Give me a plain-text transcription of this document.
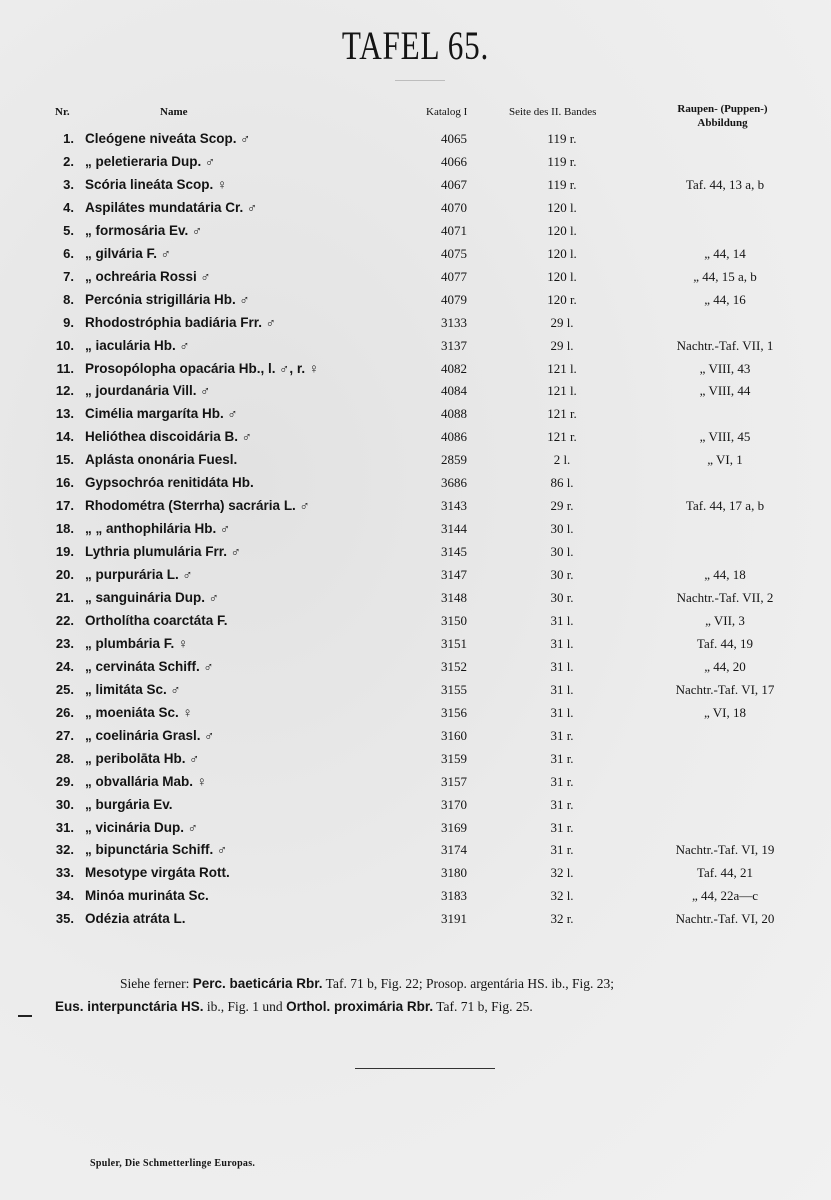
TAFEL 65.
Nr.	Name	Katalog I	Seite des II. Bandes	Raupen- (Puppen-) Abbildung
1. Cleógene niveáta Scop. ♂	4065	119 r.
2. „ peletieraria Dup. ♂	4066	119 r.
3. Scória lineáta Scop. ♀	4067	119 r.	Taf. 44, 13 a, b
4. Aspilátes mundatária Cr. ♂	4070	120 l.
5. „ formosária Ev. ♂	4071	120 l.
6. „ gilvária F. ♂	4075	120 l.	„ 44, 14
7. „ ochreária Rossi ♂	4077	120 l.	„ 44, 15 a, b
8. Percónia strigillária Hb. ♂	4079	120 r.	„ 44, 16
9. Rhodostróphia badiária Frr. ♂	3133	29 l.
10. „ iaculária Hb. ♂	3137	29 l.	Nachtr.-Taf. VII, 1
11. Prosopólopha opacária Hb., l. ♂, r. ♀	4082	121 l.	„ VIII, 43
12. „ jourdanária Vill. ♂	4084	121 l.	„ VIII, 44
13. Cimélia margaríta Hb. ♂	4088	121 r.
14. Helióthea discoidária B. ♂	4086	121 r.	„ VIII, 45
15. Aplásta ononária Fuesl.	2859	2 l.	„ VI, 1
16. Gypsochróa renitidáta Hb.	3686	86 l.
17. Rhodométra (Sterrha) sacrária L. ♂	3143	29 r.	Taf. 44, 17 a, b
18. „ „ anthophilária Hb. ♂	3144	30 l.
19. Lythria plumulária Frr. ♂	3145	30 l.
20. „ purpurária L. ♂	3147	30 r.	„ 44, 18
21. „ sanguinária Dup. ♂	3148	30 r.	Nachtr.-Taf. VII, 2
22. Ortholítha coarctáta F.	3150	31 l.	„ VII, 3
23. „ plumbária F. ♀	3151	31 l.	Taf. 44, 19
24. „ cervináta Schiff. ♂	3152	31 l.	„ 44, 20
25. „ limitáta Sc. ♂	3155	31 l.	Nachtr.-Taf. VI, 17
26. „ moeniáta Sc. ♀	3156	31 l.	„ VI, 18
27. „ coelinária Grasl. ♂	3160	31 r.
28. „ peribolāta Hb. ♂	3159	31 r.
29. „ obvallária Mab. ♀	3157	31 r.
30. „ burgária Ev.	3170	31 r.
31. „ vicinária Dup. ♂	3169	31 r.
32. „ bipunctária Schiff. ♂	3174	31 r.	Nachtr.-Taf. VI, 19
33. Mesotype virgáta Rott.	3180	32 l.	Taf. 44, 21
34. Minóa murináta Sc.	3183	32 l.	„ 44, 22a—c
35. Odézia atráta L.	3191	32 r.	Nachtr.-Taf. VI, 20
Siehe ferner: Perc. baeticária Rbr. Taf. 71 b, Fig. 22; Prosop. argentária HS. ib., Fig. 23;
Eus. interpunctária HS. ib., Fig. 1 und Orthol. proximária Rbr. Taf. 71 b, Fig. 25.
Spuler, Die Schmetterlinge Europas.
